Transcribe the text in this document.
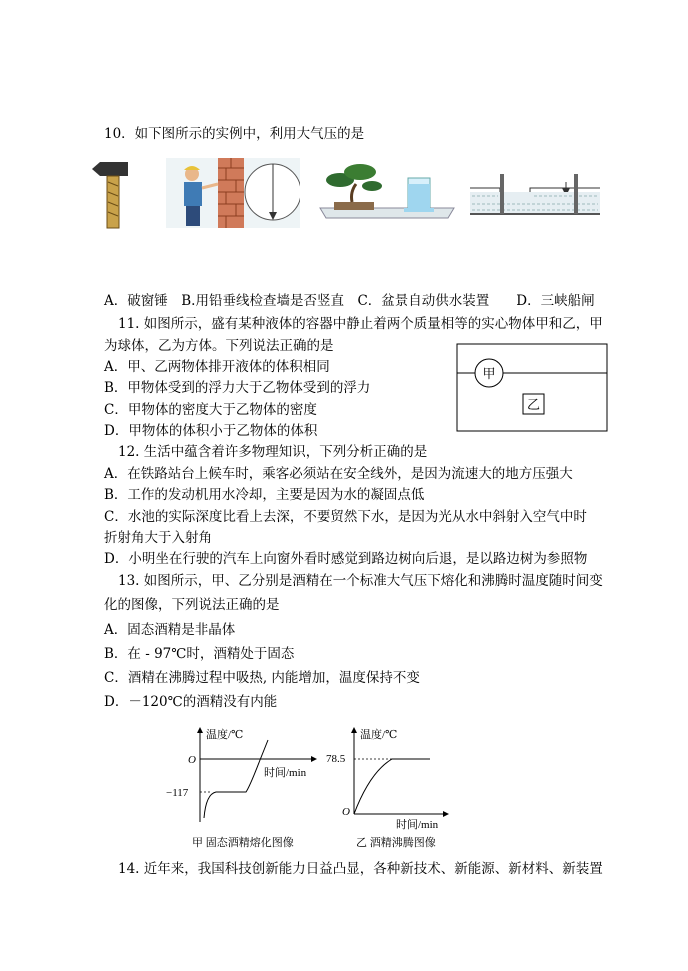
10．如下图所示的实例中，利用大气压的是
A．破窗锤　B.用铅垂线检查墙是否竖直　C．盆景自动供水装置　　D．三峡船闸
11. 如图所示，盛有某种液体的容器中静止着两个质量相等的实心物体甲和乙，甲
为球体，乙为方体。下列说法正确的是
A．甲、乙两物体排开液体的体积相同
B．甲物体受到的浮力大于乙物体受到的浮力
C．甲物体的密度大于乙物体的密度
D．甲物体的体积小于乙物体的体积
甲
乙
12. 生活中蕴含着许多物理知识，下列分析正确的是
A．在铁路站台上候车时，乘客必须站在安全线外，是因为流速大的地方压强大
B．工作的发动机用水冷却，主要是因为水的凝固点低
C．水池的实际深度比看上去深，不要贸然下水，是因为光从水中斜射入空气中时
折射角大于入射角
D．小明坐在行驶的汽车上向窗外看时感觉到路边树向后退，是以路边树为参照物
13. 如图所示，甲、乙分别是酒精在一个标准大气压下熔化和沸腾时温度随时间变
化的图像，下列说法正确的是
A．固态酒精是非晶体
B．在 - 97℃时，酒精处于固态
C．酒精在沸腾过程中吸热, 内能增加，温度保持不变
D．－120℃的酒精没有内能
温度/℃
O
时间/min
−117
甲 固态酒精熔化图像
温度/℃
78.5
O
时间/min
乙 酒精沸腾图像
14. 近年来，我国科技创新能力日益凸显，各种新技术、新能源、新材料、新装置
